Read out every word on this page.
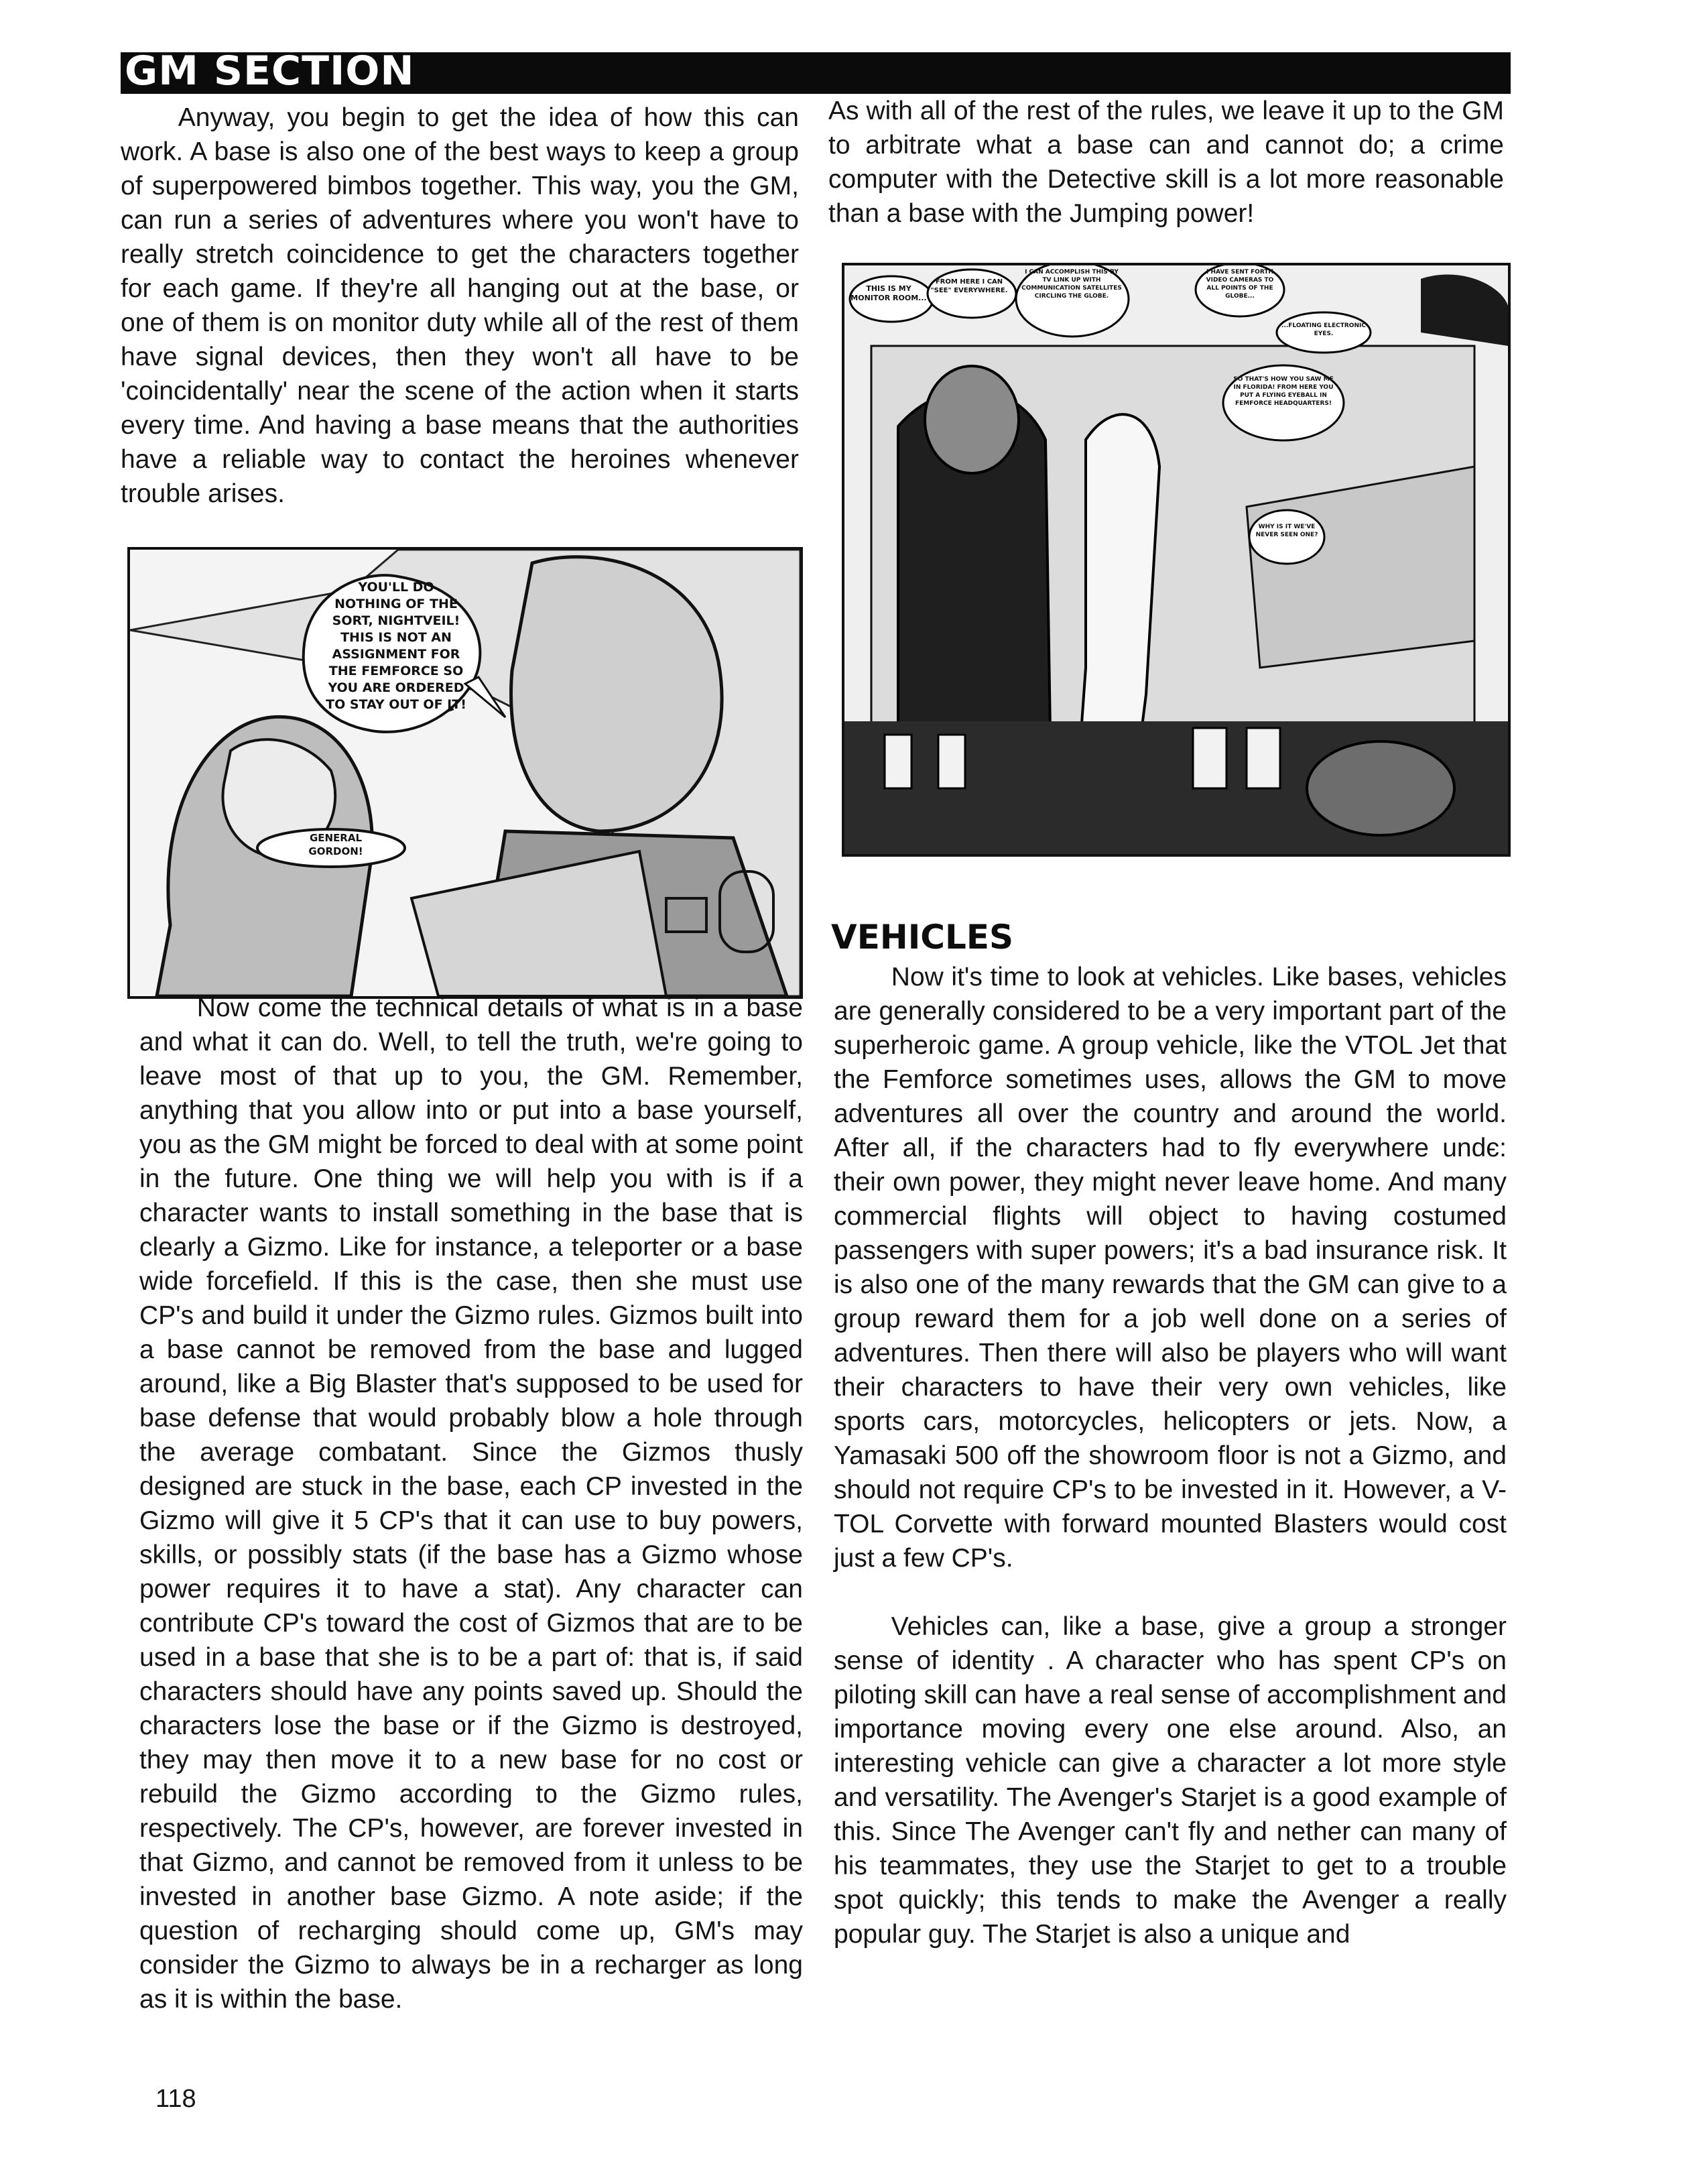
GM SECTION

Anyway, you begin to get the idea of how this can work. A base is also one of the best ways to keep a group of superpowered bimbos together. This way, you the GM, can run a series of adventures where you won't have to really stretch coincidence to get the characters together for each game. If they're all hanging out at the base, or one of them is on monitor duty while all of the rest of them have signal devices, then they won't all have to be 'coincidentally' near the scene of the action when it starts every time. And having a base means that the authorities have a reliable way to contact the heroines whenever trouble arises.

YOU'LL DO NOTHING OF THE SORT, NIGHTVEIL! THIS IS NOT AN ASSIGNMENT FOR THE FEMFORCE SO YOU ARE ORDERED TO STAY OUT OF IT!
GENERAL GORDON!

Now come the technical details of what is in a base and what it can do. Well, to tell the truth, we're going to leave most of that up to you, the GM. Remember, anything that you allow into or put into a base yourself, you as the GM might be forced to deal with at some point in the future. One thing we will help you with is if a character wants to install something in the base that is clearly a Gizmo. Like for instance, a teleporter or a base wide forcefield. If this is the case, then she must use CP's and build it under the Gizmo rules. Gizmos built into a base cannot be removed from the base and lugged around, like a Big Blaster that's supposed to be used for base defense that would probably blow a hole through the average combatant. Since the Gizmos thusly designed are stuck in the base, each CP invested in the Gizmo will give it 5 CP's that it can use to buy powers, skills, or possibly stats (if the base has a Gizmo whose power requires it to have a stat). Any character can contribute CP's toward the cost of Gizmos that are to be used in a base that she is to be a part of: that is, if said characters should have any points saved up. Should the characters lose the base or if the Gizmo is destroyed, they may then move it to a new base for no cost or rebuild the Gizmo according to the Gizmo rules, respectively. The CP's, however, are forever invested in that Gizmo, and cannot be removed from it unless to be invested in another base Gizmo. A note aside; if the question of recharging should come up, GM's may consider the Gizmo to always be in a recharger as long as it is within the base.

As with all of the rest of the rules, we leave it up to the GM to arbitrate what a base can and cannot do; a crime computer with the Detective skill is a lot more reasonable than a base with the Jumping power!

THIS IS MY MONITOR ROOM...
FROM HERE I CAN "SEE" EVERYWHERE.
I CAN ACCOMPLISH THIS BY TV LINK UP WITH COMMUNICATION SATELLITES CIRCLING THE GLOBE.
I HAVE SENT FORTH VIDEO CAMERAS TO ALL POINTS OF THE GLOBE...
...FLOATING ELECTRONIC EYES.
SO THAT'S HOW YOU SAW ME IN FLORIDA! FROM HERE YOU PUT A FLYING EYEBALL IN FEMFORCE HEADQUARTERS!
WHY IS IT WE'VE NEVER SEEN ONE?
VEHICLES

Now it's time to look at vehicles. Like bases, vehicles are generally considered to be a very important part of the superheroic game. A group vehicle, like the VTOL Jet that the Femforce sometimes uses, allows the GM to move adventures all over the country and around the world. After all, if the characters had to fly everywhere undє: their own power, they might never leave home. And many commercial flights will object to having costumed passengers with super powers; it's a bad insurance risk. It is also one of the many rewards that the GM can give to a group reward them for a job well done on a series of adventures. Then there will also be players who will want their characters to have their very own vehicles, like sports cars, motorcycles, helicopters or jets. Now, a Yamasaki 500 off the showroom floor is not a Gizmo, and should not require CP's to be invested in it. However, a V-TOL Corvette with forward mounted Blasters would cost just a few CP's.

Vehicles can, like a base, give a group a stronger sense of identity . A character who has spent CP's on piloting skill can have a real sense of accomplishment and importance moving every one else around. Also, an interesting vehicle can give a character a lot more style and versatility. The Avenger's Starjet is a good example of this. Since The Avenger can't fly and nether can many of his teammates, they use the Starjet to get to a trouble spot quickly; this tends to make the Avenger a really popular guy. The Starjet is also a unique and

118
